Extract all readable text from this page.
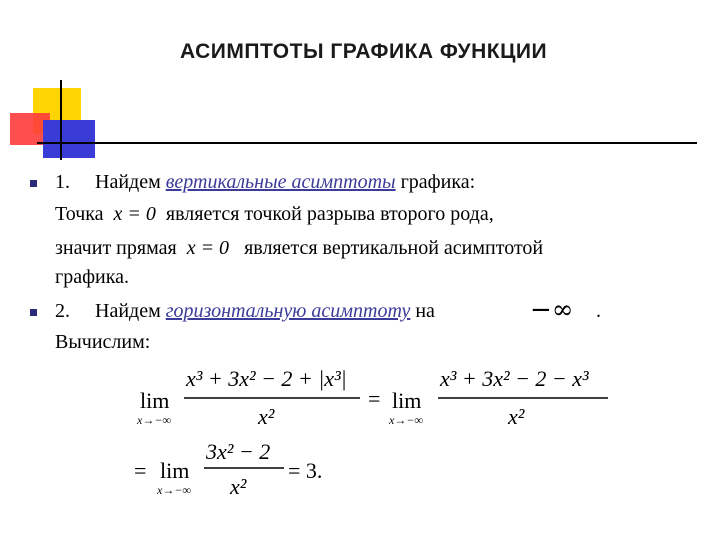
АСИМПТОТЫ ГРАФИКА ФУНКЦИИ
1. Найдем вертикальные асимптоты графика:
Точка x = 0 является точкой разрыва второго рода,
значит прямая x = 0 является вертикальной асимптотой
графика.
2. Найдем горизонтальную асимптоту на	−∞ .
Вычислим:
lim
x→−∞
x³ + 3x² − 2 + |x³|
x²
= lim
x→−∞
x³ + 3x² − 2 − x³
x²
= lim
x→−∞
3x² − 2
x²
= 3.
